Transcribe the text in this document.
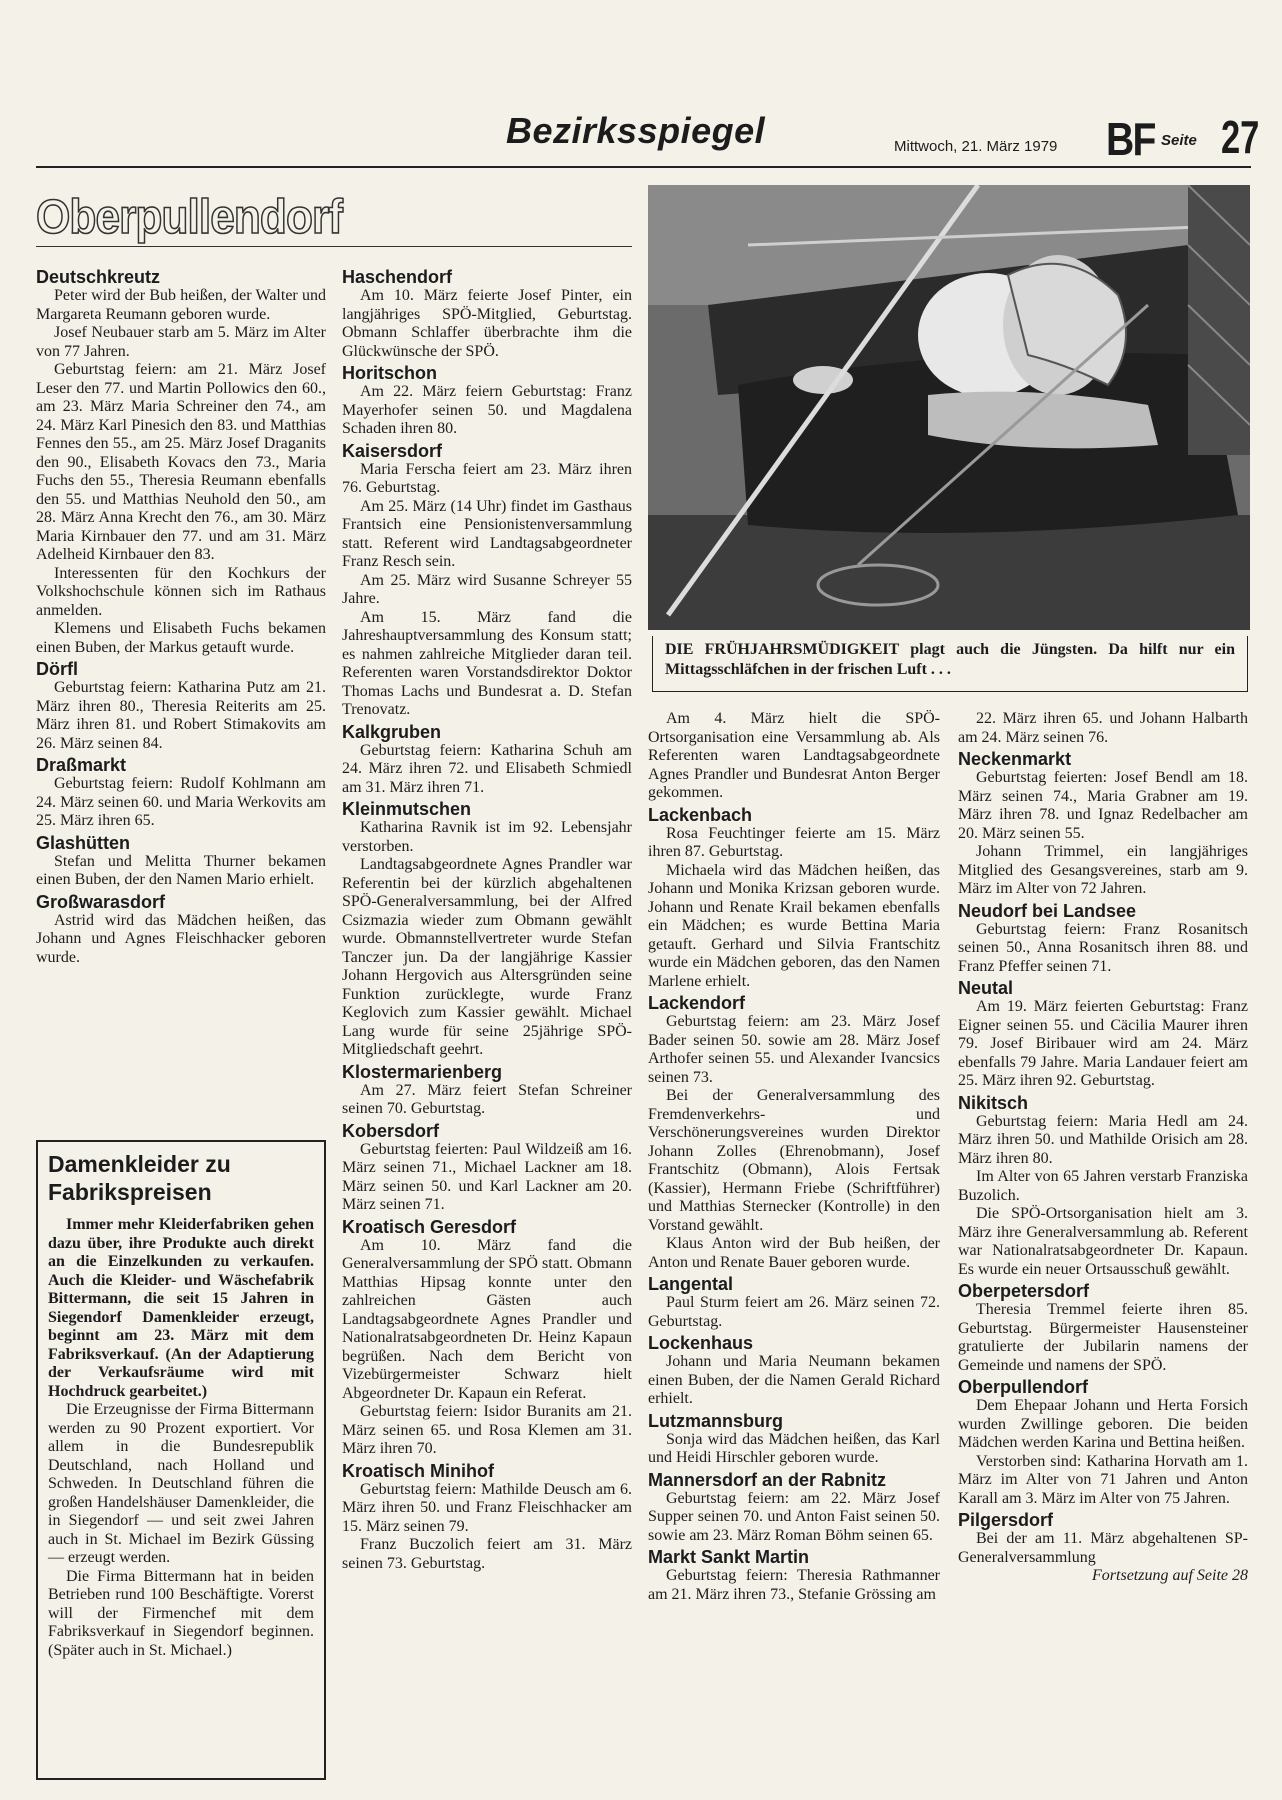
Bezirksspiegel	Mittwoch, 21. März 1979 BF Seite 27
Oberpullendorf
Deutschkreutz

Peter wird der Bub heißen, der Walter und Margareta Reumann geboren wurde.

Josef Neubauer starb am 5. März im Alter von 77 Jahren.

Geburtstag feiern: am 21. März Josef Leser den 77. und Martin Pollowics den 60., am 23. März Maria Schreiner den 74., am 24. März Karl Pinesich den 83. und Matthias Fennes den 55., am 25. März Josef Draganits den 90., Elisabeth Kovacs den 73., Maria Fuchs den 55., Theresia Reumann ebenfalls den 55. und Matthias Neuhold den 50., am 28. März Anna Krecht den 76., am 30. März Maria Kirnbauer den 77. und am 31. März Adelheid Kirnbauer den 83.

Interessenten für den Kochkurs der Volkshochschule können sich im Rathaus anmelden.

Klemens und Elisabeth Fuchs bekamen einen Buben, der Markus getauft wurde.

Dörfl

Geburtstag feiern: Katharina Putz am 21. März ihren 80., Theresia Reiterits am 25. März ihren 81. und Robert Stimakovits am 26. März seinen 84.

Draßmarkt

Geburtstag feiern: Rudolf Kohlmann am 24. März seinen 60. und Maria Werkovits am 25. März ihren 65.

Glashütten

Stefan und Melitta Thurner bekamen einen Buben, der den Namen Mario erhielt.

Großwarasdorf

Astrid wird das Mädchen heißen, das Johann und Agnes Fleischhacker geboren wurde.

Damenkleider zu Fabrikspreisen

Immer mehr Kleiderfabriken gehen dazu über, ihre Produkte auch direkt an die Einzelkunden zu verkaufen. Auch die Kleider- und Wäschefabrik Bittermann, die seit 15 Jahren in Siegendorf Damenkleider erzeugt, beginnt am 23. März mit dem Fabriksverkauf. (An der Adaptierung der Verkaufsräume wird mit Hochdruck gearbeitet.)

Die Erzeugnisse der Firma Bittermann werden zu 90 Prozent exportiert. Vor allem in die Bundesrepublik Deutschland, nach Holland und Schweden. In Deutschland führen die großen Handelshäuser Damenkleider, die in Siegendorf — und seit zwei Jahren auch in St. Michael im Bezirk Güssing — erzeugt werden.

Die Firma Bittermann hat in beiden Betrieben rund 100 Beschäftigte. Vorerst will der Firmenchef mit dem Fabriksverkauf in Siegendorf beginnen. (Später auch in St. Michael.)

Haschendorf

Am 10. März feierte Josef Pinter, ein langjähriges SPÖ-Mitglied, Geburtstag. Obmann Schlaffer überbrachte ihm die Glückwünsche der SPÖ.

Horitschon

Am 22. März feiern Geburtstag: Franz Mayerhofer seinen 50. und Magdalena Schaden ihren 80.

Kaisersdorf

Maria Ferscha feiert am 23. März ihren 76. Geburtstag.

Am 25. März (14 Uhr) findet im Gasthaus Frantsich eine Pensionistenversammlung statt. Referent wird Landtagsabgeordneter Franz Resch sein.

Am 25. März wird Susanne Schreyer 55 Jahre.

Am 15. März fand die Jahreshauptversammlung des Konsum statt; es nahmen zahlreiche Mitglieder daran teil. Referenten waren Vorstandsdirektor Doktor Thomas Lachs und Bundesrat a. D. Stefan Trenovatz.

Kalkgruben

Geburtstag feiern: Katharina Schuh am 24. März ihren 72. und Elisabeth Schmiedl am 31. März ihren 71.

Kleinmutschen

Katharina Ravnik ist im 92. Lebensjahr verstorben.

Landtagsabgeordnete Agnes Prandler war Referentin bei der kürzlich abgehaltenen SPÖ-Generalversammlung, bei der Alfred Csizmazia wieder zum Obmann gewählt wurde. Obmannstellvertreter wurde Stefan Tanczer jun. Da der langjährige Kassier Johann Hergovich aus Altersgründen seine Funktion zurücklegte, wurde Franz Keglovich zum Kassier gewählt. Michael Lang wurde für seine 25jährige SPÖ-Mitgliedschaft geehrt.

Klostermarienberg

Am 27. März feiert Stefan Schreiner seinen 70. Geburtstag.

Kobersdorf

Geburtstag feierten: Paul Wildzeiß am 16. März seinen 71., Michael Lackner am 18. März seinen 50. und Karl Lackner am 20. März seinen 71.

Kroatisch Geresdorf

Am 10. März fand die Generalversammlung der SPÖ statt. Obmann Matthias Hipsag konnte unter den zahlreichen Gästen auch Landtagsabgeordnete Agnes Prandler und Nationalratsabgeordneten Dr. Heinz Kapaun begrüßen. Nach dem Bericht von Vizebürgermeister Schwarz hielt Abgeordneter Dr. Kapaun ein Referat.

Geburtstag feiern: Isidor Buranits am 21. März seinen 65. und Rosa Klemen am 31. März ihren 70.

Kroatisch Minihof

Geburtstag feiern: Mathilde Deusch am 6. März ihren 50. und Franz Fleischhacker am 15. März seinen 79.

Franz Buczolich feiert am 31. März seinen 73. Geburtstag.

DIE FRÜHJAHRSMÜDIGKEIT plagt auch die Jüngsten. Da hilft nur ein Mittagsschläfchen in der frischen Luft . . .

Am 4. März hielt die SPÖ-Ortsorganisation eine Versammlung ab. Als Referenten waren Landtagsabgeordnete Agnes Prandler und Bundesrat Anton Berger gekommen.

Lackenbach

Rosa Feuchtinger feierte am 15. März ihren 87. Geburtstag.

Michaela wird das Mädchen heißen, das Johann und Monika Krizsan geboren wurde. Johann und Renate Krail bekamen ebenfalls ein Mädchen; es wurde Bettina Maria getauft. Gerhard und Silvia Frantschitz wurde ein Mädchen geboren, das den Namen Marlene erhielt.

Lackendorf

Geburtstag feiern: am 23. März Josef Bader seinen 50. sowie am 28. März Josef Arthofer seinen 55. und Alexander Ivancsics seinen 73.

Bei der Generalversammlung des Fremdenverkehrs- und Verschönerungsvereines wurden Direktor Johann Zolles (Ehrenobmann), Josef Frantschitz (Obmann), Alois Fertsak (Kassier), Hermann Friebe (Schriftführer) und Matthias Sternecker (Kontrolle) in den Vorstand gewählt.

Klaus Anton wird der Bub heißen, der Anton und Renate Bauer geboren wurde.

Langental

Paul Sturm feiert am 26. März seinen 72. Geburtstag.

Lockenhaus

Johann und Maria Neumann bekamen einen Buben, der die Namen Gerald Richard erhielt.

Lutzmannsburg

Sonja wird das Mädchen heißen, das Karl und Heidi Hirschler geboren wurde.

Mannersdorf an der Rabnitz

Geburtstag feiern: am 22. März Josef Supper seinen 70. und Anton Faist seinen 50. sowie am 23. März Roman Böhm seinen 65.

Markt Sankt Martin

Geburtstag feiern: Theresia Rathmanner am 21. März ihren 73., Stefanie Grössing am

22. März ihren 65. und Johann Halbarth am 24. März seinen 76.

Neckenmarkt

Geburtstag feierten: Josef Bendl am 18. März seinen 74., Maria Grabner am 19. März ihren 78. und Ignaz Redelbacher am 20. März seinen 55.

Johann Trimmel, ein langjähriges Mitglied des Gesangsvereines, starb am 9. März im Alter von 72 Jahren.

Neudorf bei Landsee

Geburtstag feiern: Franz Rosanitsch seinen 50., Anna Rosanitsch ihren 88. und Franz Pfeffer seinen 71.

Neutal

Am 19. März feierten Geburtstag: Franz Eigner seinen 55. und Cäcilia Maurer ihren 79. Josef Biribauer wird am 24. März ebenfalls 79 Jahre. Maria Landauer feiert am 25. März ihren 92. Geburtstag.

Nikitsch

Geburtstag feiern: Maria Hedl am 24. März ihren 50. und Mathilde Orisich am 28. März ihren 80.

Im Alter von 65 Jahren verstarb Franziska Buzolich.

Die SPÖ-Ortsorganisation hielt am 3. März ihre Generalversammlung ab. Referent war Nationalratsabgeordneter Dr. Kapaun. Es wurde ein neuer Ortsausschuß gewählt.

Oberpetersdorf

Theresia Tremmel feierte ihren 85. Geburtstag. Bürgermeister Hausensteiner gratulierte der Jubilarin namens der Gemeinde und namens der SPÖ.

Oberpullendorf

Dem Ehepaar Johann und Herta Forsich wurden Zwillinge geboren. Die beiden Mädchen werden Karina und Bettina heißen.

Verstorben sind: Katharina Horvath am 1. März im Alter von 71 Jahren und Anton Karall am 3. März im Alter von 75 Jahren.

Pilgersdorf

Bei der am 11. März abgehaltenen SP-Generalversammlung

Fortsetzung auf Seite 28
